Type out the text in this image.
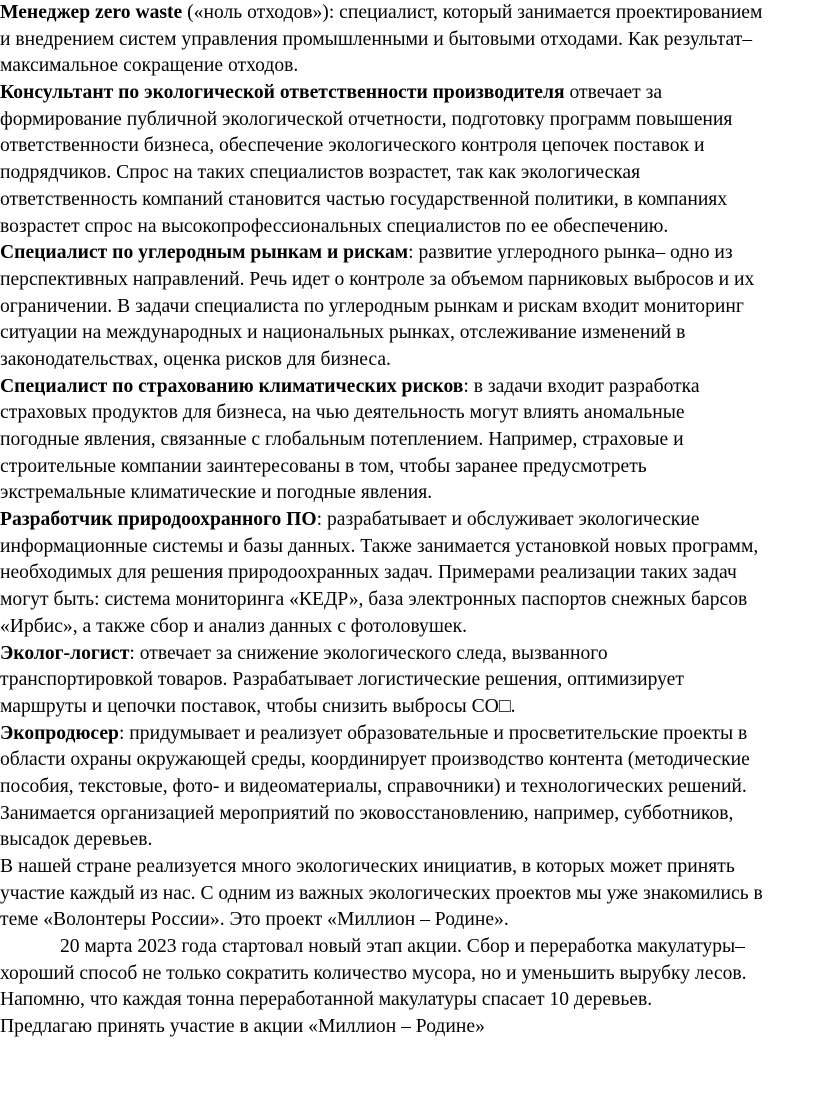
Менеджер zero waste («ноль отходов»): специалист, который занимается проектированием
и внедрением систем управления промышленными и бытовыми отходами. Как результат–
максимальное сокращение отходов.
Консультант по экологической ответственности производителя отвечает за
формирование публичной экологической отчетности, подготовку программ повышения
ответственности бизнеса, обеспечение экологического контроля цепочек поставок и
подрядчиков. Спрос на таких специалистов возрастет, так как экологическая
ответственность компаний становится частью государственной политики, в компаниях
возрастет спрос на высокопрофессиональных специалистов по ее обеспечению.
Специалист по углеродным рынкам и рискам: развитие углеродного рынка– одно из
перспективных направлений. Речь идет о контроле за объемом парниковых выбросов и их
ограничении. В задачи специалиста по углеродным рынкам и рискам входит мониторинг
ситуации на международных и национальных рынках, отслеживание изменений в
законодательствах, оценка рисков для бизнеса.
Специалист по страхованию климатических рисков: в задачи входит разработка
страховых продуктов для бизнеса, на чью деятельность могут влиять аномальные
погодные явления, связанные с глобальным потеплением. Например, страховые и
строительные компании заинтересованы в том, чтобы заранее предусмотреть
экстремальные климатические и погодные явления.
Разработчик природоохранного ПО: разрабатывает и обслуживает экологические
информационные системы и базы данных. Также занимается установкой новых программ,
необходимых для решения природоохранных задач. Примерами реализации таких задач
могут быть: система мониторинга «КЕДР», база электронных паспортов снежных барсов
«Ирбис», а также сбор и анализ данных с фотоловушек.
Эколог-логист: отвечает за снижение экологического следа, вызванного
транспортировкой товаров. Разрабатывает логистические решения, оптимизирует
маршруты и цепочки поставок, чтобы снизить выбросы CO□.
Экопродюсер: придумывает и реализует образовательные и просветительские проекты в
области охраны окружающей среды, координирует производство контента (методические
пособия, текстовые, фото- и видеоматериалы, справочники) и технологических решений.
Занимается организацией мероприятий по эковосстановлению, например, субботников,
высадок деревьев.
В нашей стране реализуется много экологических инициатив, в которых может принять
участие каждый из нас. С одним из важных экологических проектов мы уже знакомились в
теме «Волонтеры России». Это проект «Миллион – Родине».
20 марта 2023 года стартовал новый этап акции. Сбор и переработка макулатуры–
хороший способ не только сократить количество мусора, но и уменьшить вырубку лесов.
Напомню, что каждая тонна переработанной макулатуры спасает 10 деревьев.
Предлагаю принять участие в акции «Миллион – Родине»
